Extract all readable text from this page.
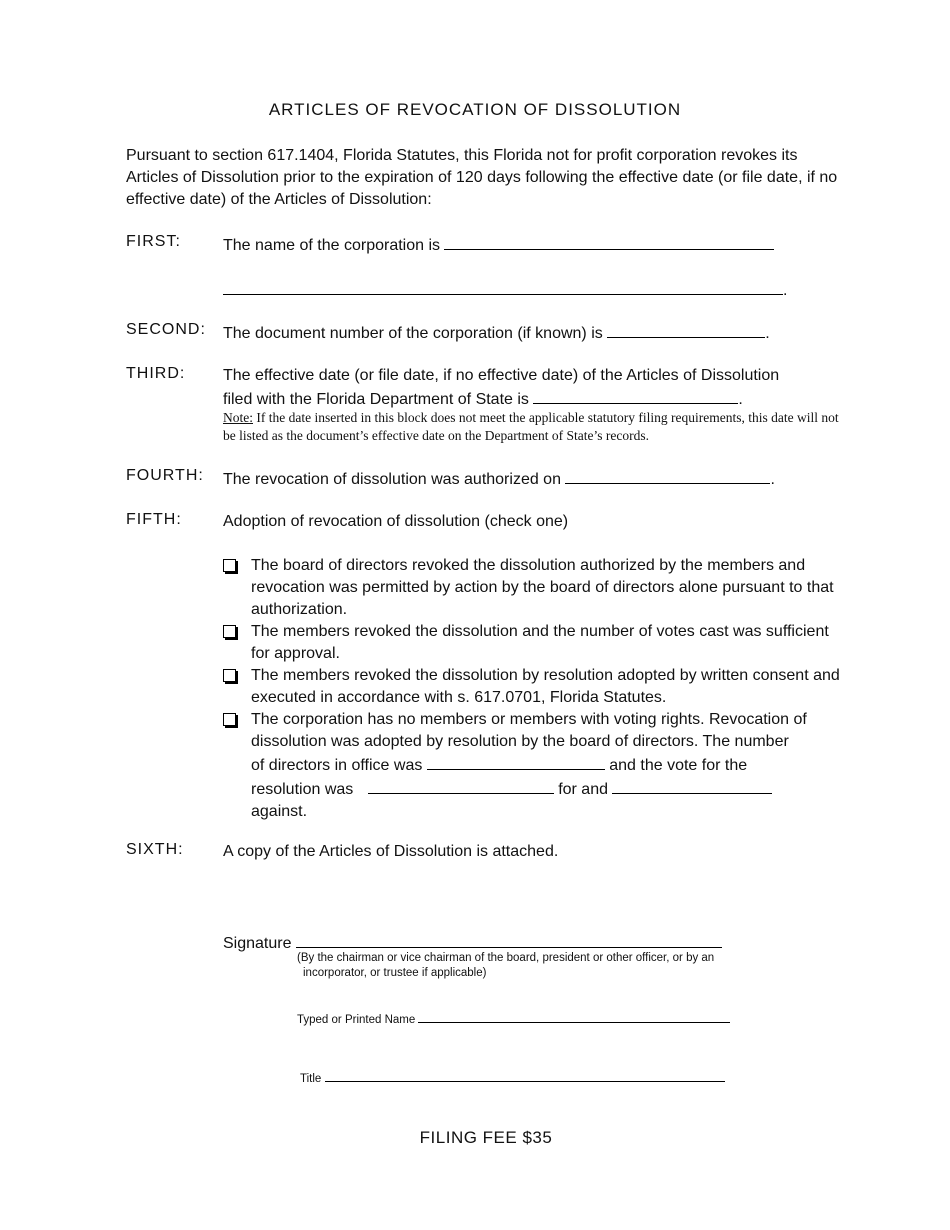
ARTICLES OF REVOCATION OF DISSOLUTION
Pursuant to section 617.1404, Florida Statutes, this Florida not for profit corporation revokes its Articles of Dissolution prior to the expiration of 120 days following the effective date (or file date, if no effective date) of the Articles of Dissolution:
FIRST:	The name of the corporation is
.
SECOND: The document number of the corporation (if known) is	.
THIRD: The effective date (or file date, if no effective date) of the Articles of Dissolution
filed with the Florida Department of State is	.
Note: If the date inserted in this block does not meet the applicable statutory filing requirements, this date will not be listed as the document’s effective date on the Department of State’s records.
FOURTH: The revocation of dissolution was authorized on	.
FIFTH:	Adoption of revocation of dissolution (check one)
The board of directors revoked the dissolution authorized by the members and revocation was permitted by action by the board of directors alone pursuant to that authorization.
The members revoked the dissolution and the number of votes cast was sufficient for approval.
The members revoked the dissolution by resolution adopted by written consent and executed in accordance with s. 617.0701, Florida Statutes.
The corporation has no members or members with voting rights. Revocation of dissolution was adopted by resolution by the board of directors. The number
of directors in office was	and the vote for the
resolution was	for and
against.
SIXTH: A copy of the Articles of Dissolution is attached.
Signature
(By the chairman or vice chairman of the board, president or other officer, or by an
incorporator, or trustee if applicable)
Typed or Printed Name
Title
FILING FEE $35
